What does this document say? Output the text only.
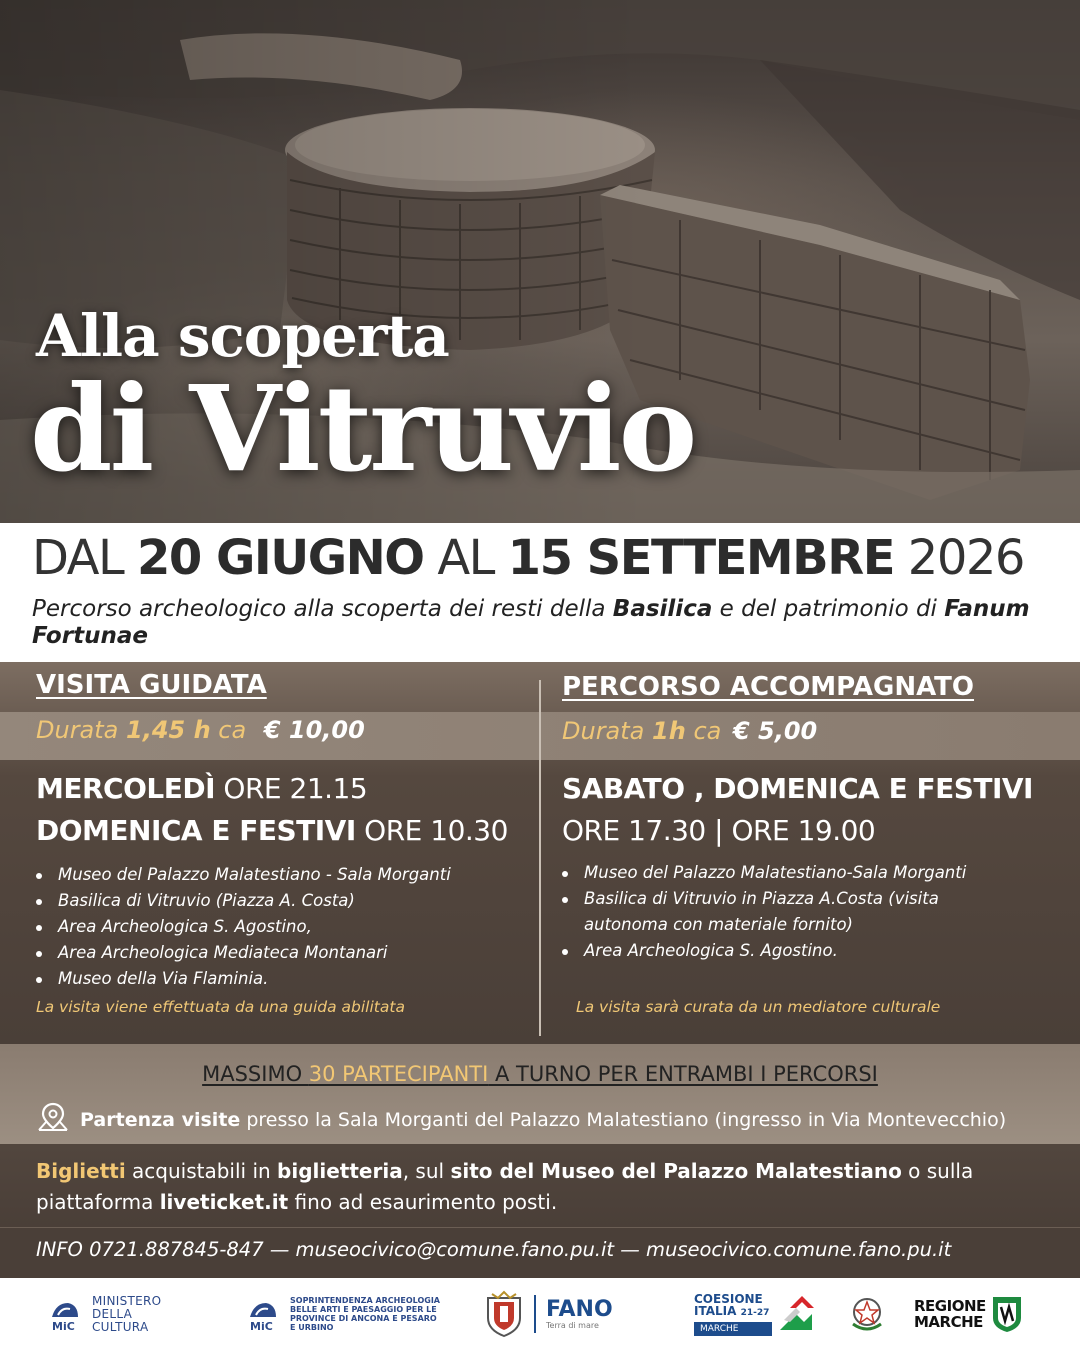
Alla scoperta
di Vitruvio
DAL 20 GIUGNO AL 15 SETTEMBRE 2026
Percorso archeologico alla scoperta dei resti della Basilica e del patrimonio di Fanum Fortunae
VISITA GUIDATA
Durata 1,45 h ca € 10,00
MERCOLEDÌ ORE 21.15
DOMENICA E FESTIVI ORE 10.30
Museo del Palazzo Malatestiano - Sala Morganti
Basilica di Vitruvio (Piazza A. Costa)
Area Archeologica S. Agostino,
Area Archeologica Mediateca Montanari
Museo della Via Flaminia.
La visita viene effettuata da una guida abilitata
PERCORSO ACCOMPAGNATO
Durata 1h ca € 5,00
SABATO , DOMENICA E FESTIVI
ORE 17.30 | ORE 19.00
Museo del Palazzo Malatestiano-Sala Morganti
Basilica di Vitruvio in Piazza A.Costa (visita autonoma con materiale fornito)
Area Archeologica S. Agostino.
La visita sarà curata da un mediatore culturale
MASSIMO 30 PARTECIPANTI A TURNO PER ENTRAMBI I PERCORSI
Partenza visite presso la Sala Morganti del Palazzo Malatestiano (ingresso in Via Montevecchio)

Biglietti acquistabili in biglietteria, sul sito del Museo del Palazzo Malatestiano o sulla piattaforma liveticket.it fino ad esaurimento posti.

INFO 0721.887845-847 — museocivico@comune.fano.pu.it — museocivico.comune.fano.pu.it
MiC
MINISTERO
DELLA
CULTURA	MiC
SOPRINTENDENZA ARCHEOLOGIA BELLE ARTI E PAESAGGIO PER LE PROVINCE DI ANCONA E PESARO E URBINO
FANO
Terra di mare
COESIONE
ITALIA 21-27
MARCHE
REGIONE
MARCHE
